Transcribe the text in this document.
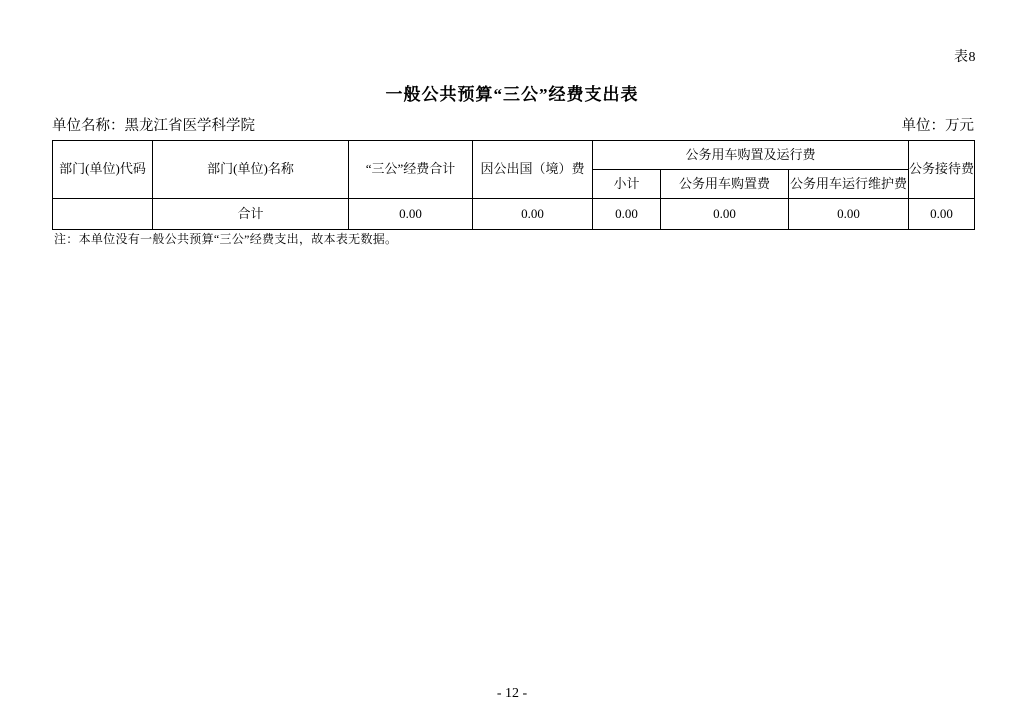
表8
一般公共预算“三公”经费支出表
单位名称：黑龙江省医学科学院	单位：万元
部门(单位)代码	部门(单位)名称	“三公”经费合计	因公出国（境）费	公务用车购置及运行费			公务接待费
				小计	公务用车购置费	公务用车运行维护费	
	合计	0.00	0.00	0.00	0.00	0.00	0.00
注：本单位没有一般公共预算“三公”经费支出，故本表无数据。
- 12 -
